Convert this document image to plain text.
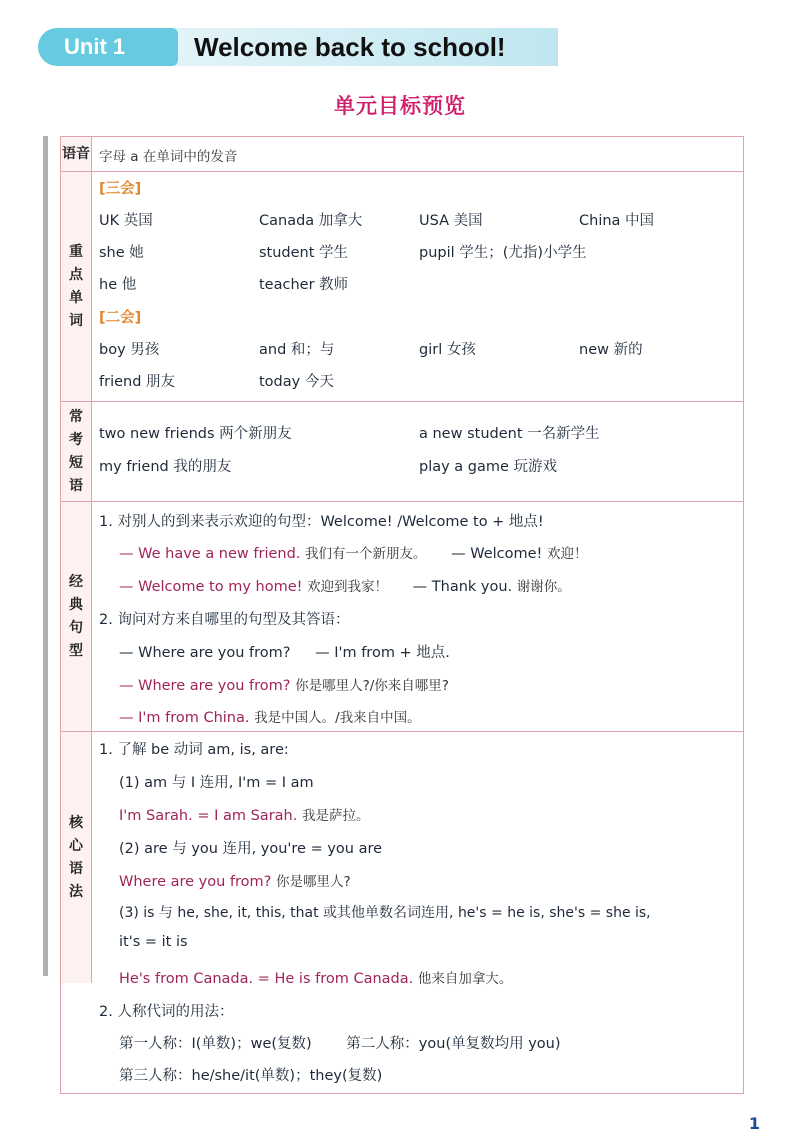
Unit 1	Welcome back to school!
单元目标预览
语 音 字母 a 在单词中的发音
重
点
单
词
[三会]
UK 英国	Canada 加拿大	USA 美国	China 中国
she 她	student 学生	pupil 学生；(尤指)小学生
he 他	teacher 教师
[二会]
boy 男孩	and 和；与	girl 女孩	new 新的
friend 朋友	today 今天
常
考
短
语
two new friends 两个新朋友	a new student 一名新学生
my friend 我的朋友	play a game 玩游戏
经
典
句
型
1. 对别人的到来表示欢迎的句型：Welcome! /Welcome to + 地点!
— We have a new friend. 我们有一个新朋友。 — Welcome! 欢迎！
— Welcome to my home! 欢迎到我家！ — Thank you. 谢谢你。
2. 询问对方来自哪里的句型及其答语：
— Where are you from? — I'm from + 地点.
— Where are you from? 你是哪里人?/你来自哪里?
— I'm from China. 我是中国人。/我来自中国。
核
心
语
法
1. 了解 be 动词 am, is, are:
(1) am 与 I 连用, I'm = I am
I'm Sarah. = I am Sarah. 我是萨拉。
(2) are 与 you 连用, you're = you are
Where are you from? 你是哪里人?
(3) is 与 he, she, it, this, that 或其他单数名词连用, he's = he is, she's = she is,
it's = it is
He's from Canada. = He is from Canada. 他来自加拿大。
2. 人称代词的用法：
第一人称：I(单数)；we(复数) 第二人称：you(单复数均用 you)
第三人称：he/she/it(单数)；they(复数)
1
